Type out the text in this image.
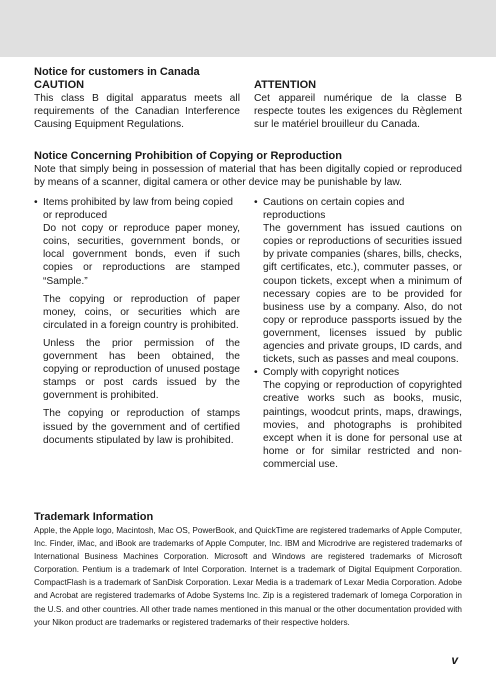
Notice for customers in Canada
CAUTION
This class B digital apparatus meets all requirements of the Canadian Interference Causing Equipment Regulations.
ATTENTION
Cet appareil numérique de la classe B respecte toutes les exigences du Règlement sur le matériel brouilleur du Canada.
Notice Concerning Prohibition of Copying or Reproduction
Note that simply being in possession of material that has been digitally copied or reproduced by means of a scanner, digital camera or other device may be punishable by law.
• Items prohibited by law from being copied or reproduced
Do not copy or reproduce paper money, coins, securities, government bonds, or local government bonds, even if such copies or reproductions are stamped “Sample.”
The copying or reproduction of paper money, coins, or securities which are circulated in a foreign country is prohibited.
Unless the prior permission of the government has been obtained, the copying or reproduction of unused postage stamps or post cards issued by the government is prohibited.
The copying or reproduction of stamps issued by the government and of certified documents stipulated by law is prohibited.
• Cautions on certain copies and reproductions
The government has issued cautions on copies or reproductions of securities issued by private companies (shares, bills, checks, gift certificates, etc.), commuter passes, or coupon tickets, except when a minimum of necessary copies are to be provided for business use by a company. Also, do not copy or reproduce passports issued by the government, licenses issued by public agencies and private groups, ID cards, and tickets, such as passes and meal coupons.
• Comply with copyright notices
The copying or reproduction of copyrighted creative works such as books, music, paintings, woodcut prints, maps, drawings, movies, and photographs is prohibited except when it is done for personal use at home or for similar restricted and non-commercial use.
Trademark Information
Apple, the Apple logo, Macintosh, Mac OS, PowerBook, and QuickTime are registered trademarks of Apple Computer, Inc. Finder, iMac, and iBook are trademarks of Apple Computer, Inc. IBM and Microdrive are registered trademarks of International Business Machines Corporation. Microsoft and Windows are registered trademarks of Microsoft Corporation. Pentium is a trademark of Intel Corporation. Internet is a trademark of Digital Equipment Corporation. CompactFlash is a trademark of SanDisk Corporation. Lexar Media is a trademark of Lexar Media Corporation. Adobe and Acrobat are registered trademarks of Adobe Systems Inc. Zip is a registered trademark of Iomega Corporation in the U.S. and other countries. All other trade names mentioned in this manual or the other documentation provided with your Nikon product are trademarks or registered trademarks of their respective holders.
v
